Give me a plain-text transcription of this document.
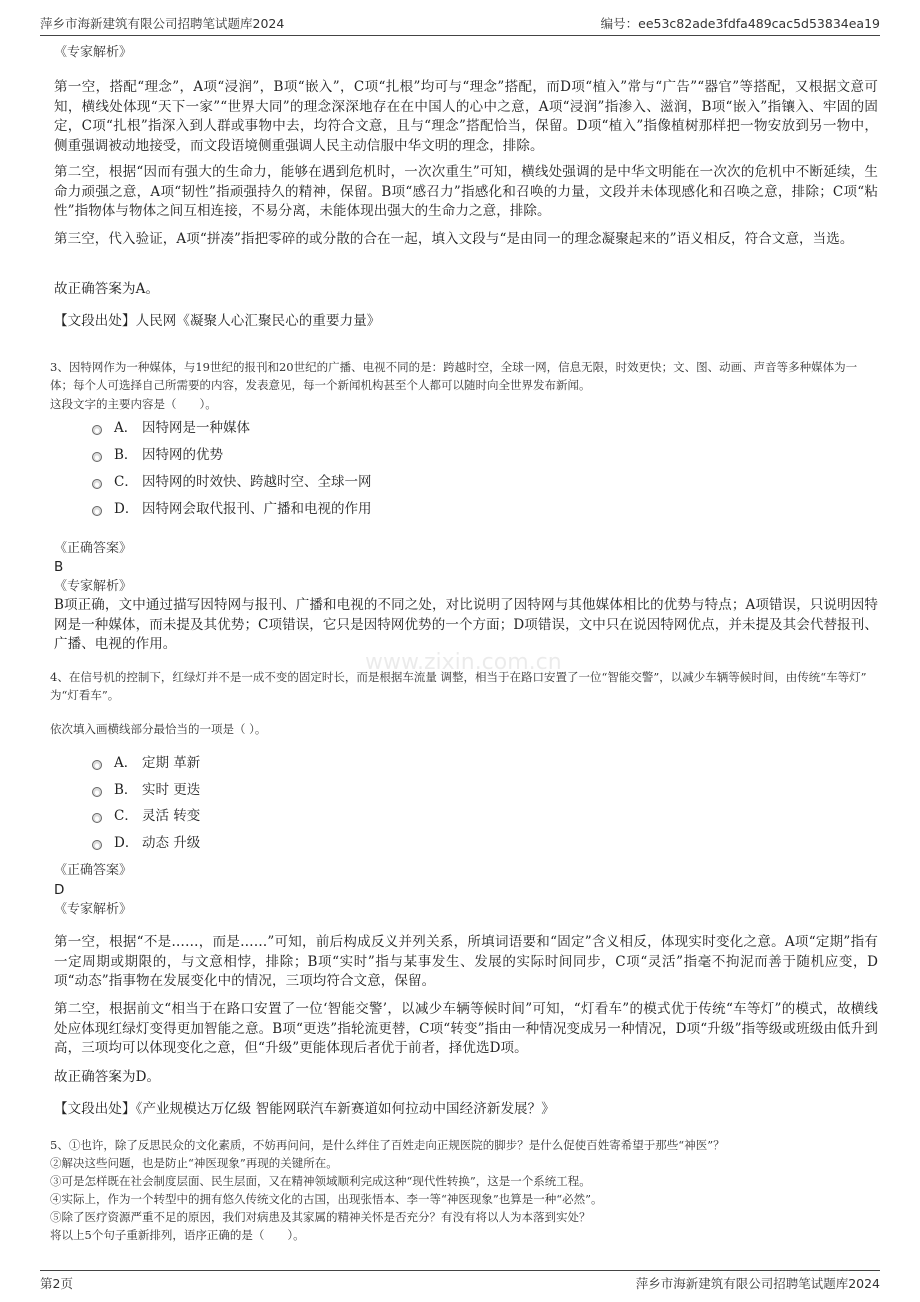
萍乡市海新建筑有限公司招聘笔试题库2024	编号：ee53c82ade3fdfa489cac5d53834ea19
www.zixin.com.cn
《专家解析》

第一空，搭配“理念”，A项“浸润”，B项“嵌入”，C项“扎根”均可与“理念”搭配，而D项“植入”常与“广告”“器官”等搭配，又根据文意可知，横线处体现“天下一家”“世界大同”的理念深深地存在在中国人的心中之意，A项“浸润”指渗入、滋润，B项“嵌入”指镶入、牢固的固定，C项“扎根”指深入到人群或事物中去，均符合文意，且与“理念”搭配恰当，保留。D项“植入”指像植树那样把一物安放到另一物中，侧重强调被动地接受，而文段语境侧重强调人民主动信服中华文明的理念，排除。

第二空，根据“因而有强大的生命力，能够在遇到危机时，一次次重生”可知，横线处强调的是中华文明能在一次次的危机中不断延续，生命力顽强之意，A项“韧性”指顽强持久的精神，保留。B项“感召力”指感化和召唤的力量，文段并未体现感化和召唤之意，排除；C项“粘性”指物体与物体之间互相连接，不易分离，未能体现出强大的生命力之意，排除。

第三空，代入验证，A项“拼凑”指把零碎的或分散的合在一起，填入文段与“是由同一的理念凝聚起来的”语义相反，符合文意，当选。

故正确答案为A。

【文段出处】人民网《凝聚人心汇聚民心的重要力量》

3、因特网作为一种媒体，与19世纪的报刊和20世纪的广播、电视不同的是：跨越时空，全球一网，信息无限，时效更快；文、图、动画、声音等多种媒体为一体；每个人可选择自己所需要的内容，发表意见，每一个新闻机构甚至个人都可以随时向全世界发布新闻。
这段文字的主要内容是（　　）。
A． 因特网是一种媒体
B． 因特网的优势
C． 因特网的时效快、跨越时空、全球一网
D． 因特网会取代报刊、广播和电视的作用
《正确答案》
B
《专家解析》

B项正确，文中通过描写因特网与报刊、广播和电视的不同之处，对比说明了因特网与其他媒体相比的优势与特点；A项错误，只说明因特网是一种媒体，而未提及其优势；C项错误，它只是因特网优势的一个方面；D项错误，文中只在说因特网优点，并未提及其会代替报刊、广播、电视的作用。

4、在信号机的控制下，红绿灯并不是一成不变的固定时长，而是根据车流量 调整，相当于在路口安置了一位“智能交警”，以减少车辆等候时间，由传统“车等灯” 为“灯看车”。
依次填入画横线部分最恰当的一项是（ ）。
A． 定期 革新
B． 实时 更迭
C． 灵活 转变
D． 动态 升级
《正确答案》
D
《专家解析》

第一空，根据“不是……，而是……”可知，前后构成反义并列关系，所填词语要和“固定”含义相反，体现实时变化之意。A项“定期”指有一定周期或期限的，与文意相悖，排除；B项“实时”指与某事发生、发展的实际时间同步，C项“灵活”指毫不拘泥而善于随机应变，D项“动态”指事物在发展变化中的情况，三项均符合文意，保留。

第二空，根据前文“相当于在路口安置了一位‘智能交警’，以减少车辆等候时间”可知，“灯看车”的模式优于传统“车等灯”的模式，故横线处应体现红绿灯变得更加智能之意。B项“更迭”指轮流更替，C项“转变”指由一种情况变成另一种情况，D项“升级”指等级或班级由低升到高，三项均可以体现变化之意，但“升级”更能体现后者优于前者，择优选D项。

故正确答案为D。

【文段出处】《产业规模达万亿级 智能网联汽车新赛道如何拉动中国经济新发展？》

5、①也许，除了反思民众的文化素质，不妨再问问，是什么绊住了百姓走向正规医院的脚步？是什么促使百姓寄希望于那些“神医”？
②解决这些问题，也是防止“神医现象”再现的关键所在。
③可是怎样既在社会制度层面、民生层面，又在精神领域顺利完成这种“现代性转换”，这是一个系统工程。
④实际上，作为一个转型中的拥有悠久传统文化的古国，出现张悟本、李一等“神医现象”也算是一种“必然”。
⑤除了医疗资源严重不足的原因，我们对病患及其家属的精神关怀是否充分？有没有将以人为本落到实处？
将以上5个句子重新排列，语序正确的是（　　）。
第2页	萍乡市海新建筑有限公司招聘笔试题库2024
